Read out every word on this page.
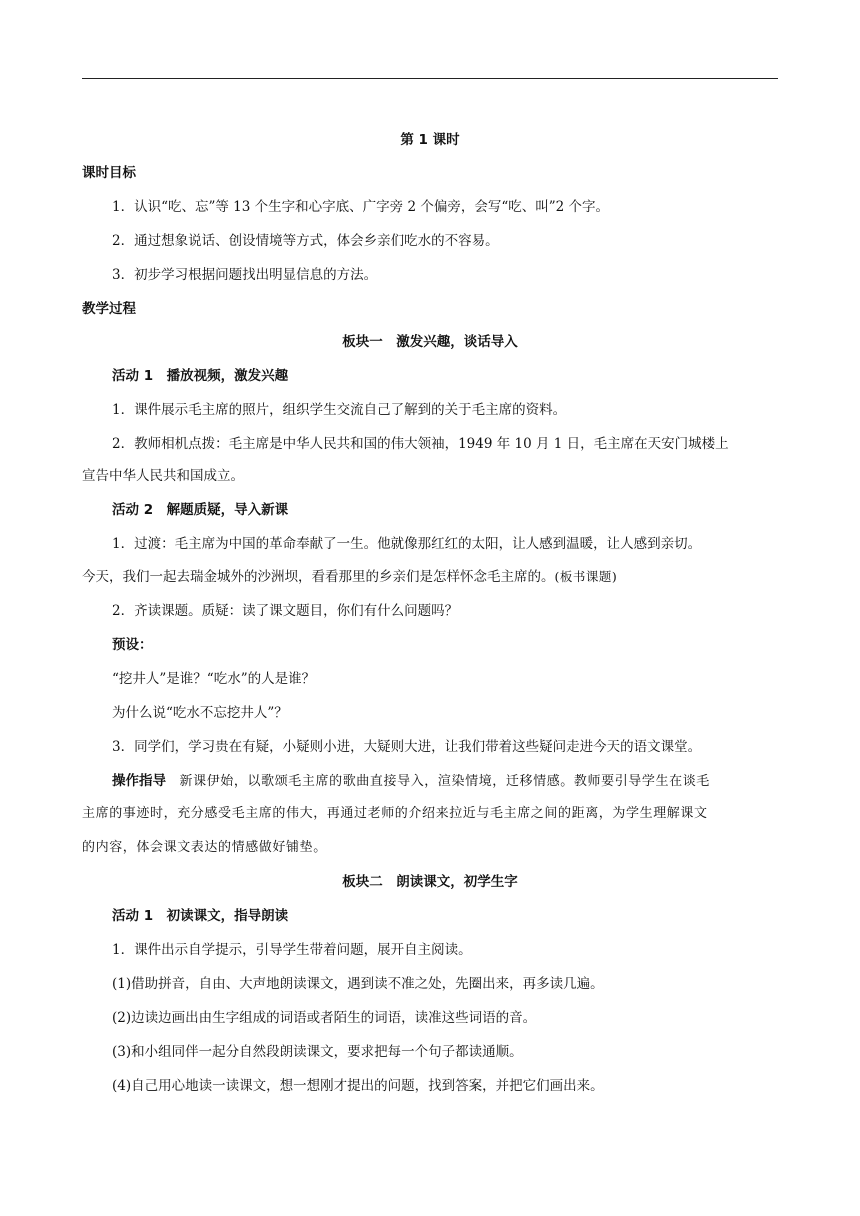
第 1 课时
课时目标
1．认识“吃、忘”等 13 个生字和心字底、广字旁 2 个偏旁，会写“吃、叫”2 个字。
2．通过想象说话、创设情境等方式，体会乡亲们吃水的不容易。
3．初步学习根据问题找出明显信息的方法。
教学过程
板块一　激发兴趣，谈话导入
活动 1　播放视频，激发兴趣
1．课件展示毛主席的照片，组织学生交流自己了解到的关于毛主席的资料。
2．教师相机点拨：毛主席是中华人民共和国的伟大领袖，1949 年 10 月 1 日，毛主席在天安门城楼上
宣告中华人民共和国成立。
活动 2　解题质疑，导入新课
1．过渡：毛主席为中国的革命奉献了一生。他就像那红红的太阳，让人感到温暖，让人感到亲切。
今天，我们一起去瑞金城外的沙洲坝，看看那里的乡亲们是怎样怀念毛主席的。(板书课题)
2．齐读课题。质疑：读了课文题目，你们有什么问题吗？
预设：
“挖井人”是谁？“吃水”的人是谁？
为什么说“吃水不忘挖井人”？
3．同学们，学习贵在有疑，小疑则小进，大疑则大进，让我们带着这些疑问走进今天的语文课堂。
操作指导  新课伊始，以歌颂毛主席的歌曲直接导入，渲染情境，迁移情感。教师要引导学生在谈毛
主席的事迹时，充分感受毛主席的伟大，再通过老师的介绍来拉近与毛主席之间的距离，为学生理解课文
的内容，体会课文表达的情感做好铺垫。
板块二　朗读课文，初学生字
活动 1　初读课文，指导朗读
1．课件出示自学提示，引导学生带着问题，展开自主阅读。
(1)借助拼音，自由、大声地朗读课文，遇到读不准之处，先圈出来，再多读几遍。
(2)边读边画出由生字组成的词语或者陌生的词语，读准这些词语的音。
(3)和小组同伴一起分自然段朗读课文，要求把每一个句子都读通顺。
(4)自己用心地读一读课文，想一想刚才提出的问题，找到答案，并把它们画出来。
